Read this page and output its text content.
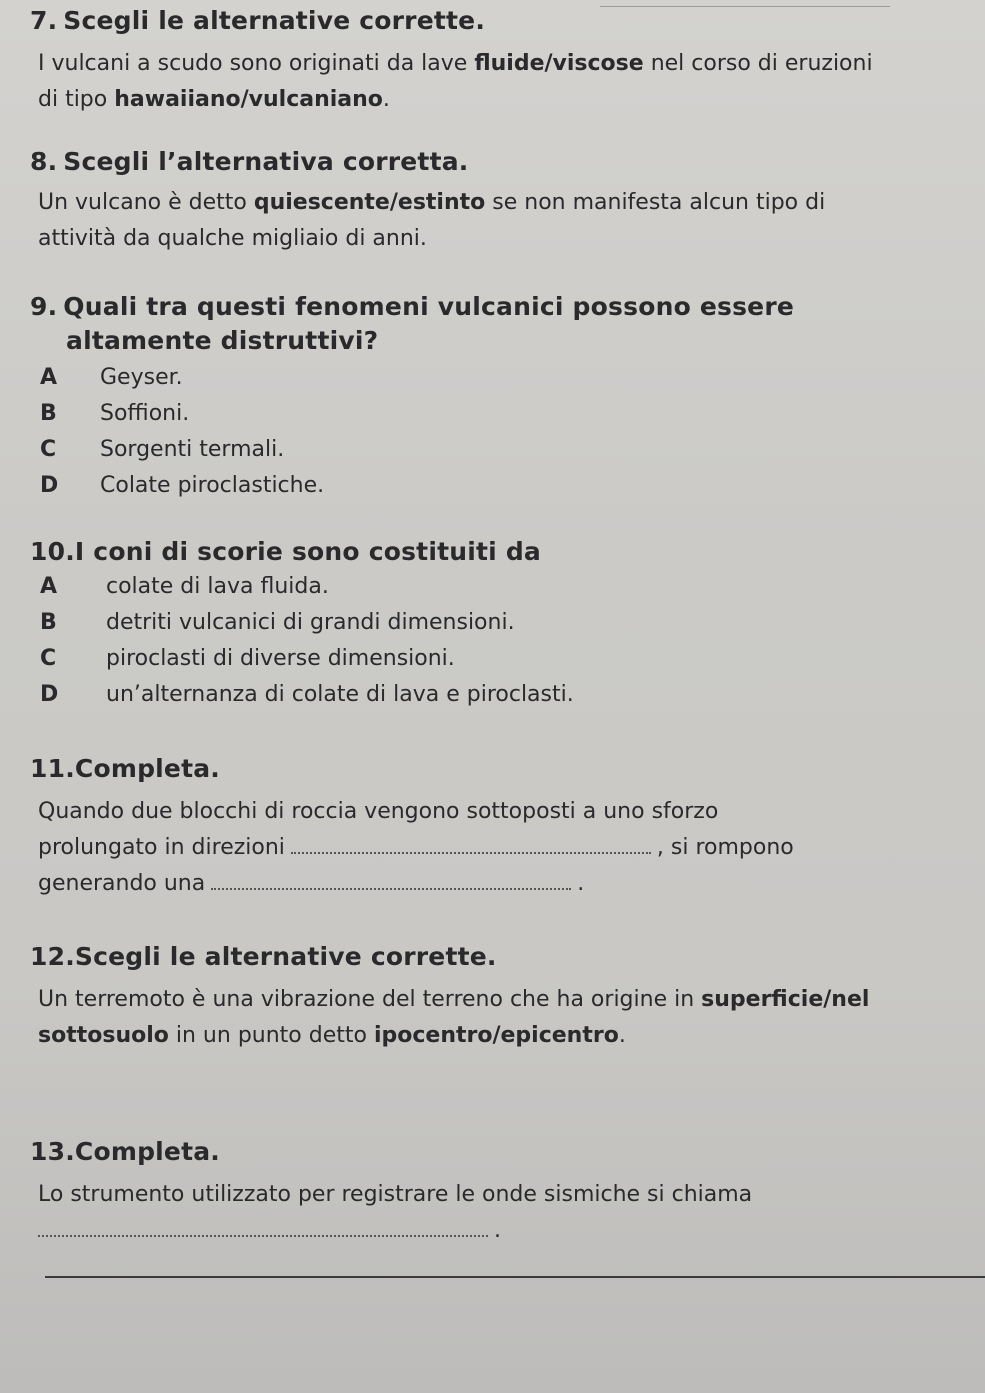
7. Scegli le alternative corrette.
I vulcani a scudo sono originati da lave fluide/viscose nel corso di eruzioni di tipo hawaiiano/vulcaniano.
8. Scegli l’alternativa corretta.
Un vulcano è detto quiescente/estinto se non manifesta alcun tipo di attività da qualche migliaio di anni.
9. Quali tra questi fenomeni vulcanici possono essere
altamente distruttivi?
A	Geyser.
B	Soffioni.
C	Sorgenti termali.
D	Colate piroclastiche.
10.I coni di scorie sono costituiti da
A	colate di lava fluida.
B	detriti vulcanici di grandi dimensioni.
C	piroclasti di diverse dimensioni.
D	un’alternanza di colate di lava e piroclasti.
11.Completa.
Quando due blocchi di roccia vengono sottoposti a uno sforzo
prolungato in direzioni	, si rompono
generando una	.
12.Scegli le alternative corrette.
Un terremoto è una vibrazione del terreno che ha origine in superficie/nel sottosuolo in un punto detto ipocentro/epicentro.
13.Completa.
Lo strumento utilizzato per registrare le onde sismiche si chiama
.
